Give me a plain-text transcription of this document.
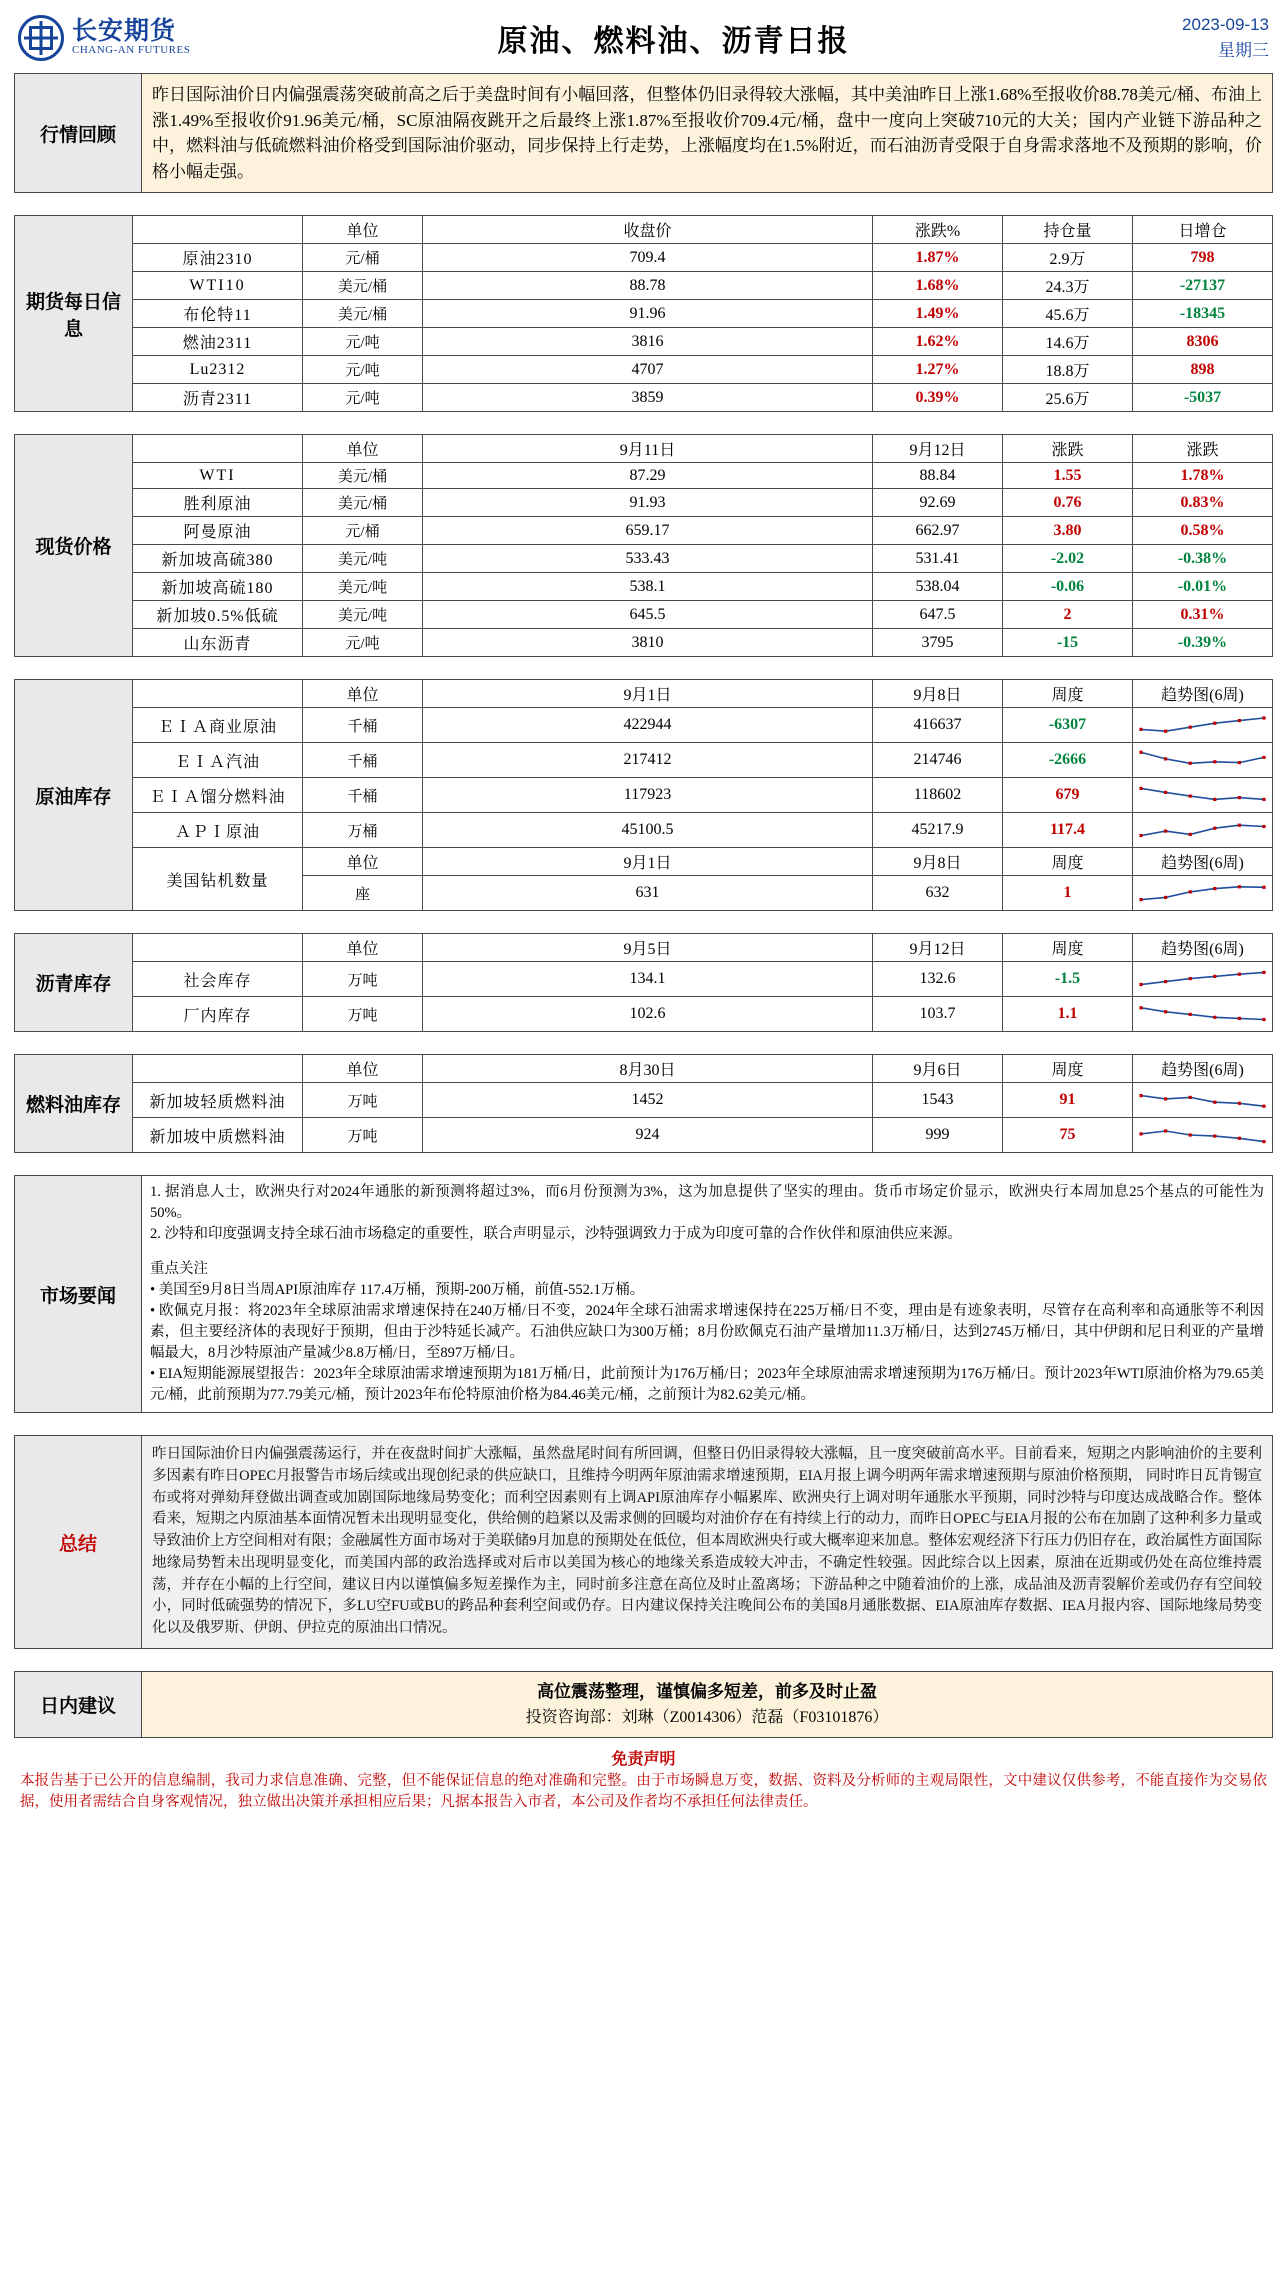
长安期货
CHANG-AN FUTURES	原油、燃料油、沥青日报	2023-09-13
星期三
行情回顾	昨日国际油价日内偏强震荡突破前高之后于美盘时间有小幅回落，但整体仍旧录得较大涨幅，其中美油昨日上涨1.68%至报收价88.78美元/桶、布油上涨1.49%至报收价91.96美元/桶，SC原油隔夜跳开之后最终上涨1.87%至报收价709.4元/桶，盘中一度向上突破710元的大关；国内产业链下游品种之中，燃料油与低硫燃料油价格受到国际油价驱动，同步保持上行走势，上涨幅度均在1.5%附近，而石油沥青受限于自身需求落地不及预期的影响，价格小幅走强。
期货每日信息		单位	收盘价	涨跌%	持仓量	日增仓
	原油2310	元/桶	709.4	1.87%	2.9万	798
	WTI10	美元/桶	88.78	1.68%	24.3万	-27137
	布伦特11	美元/桶	91.96	1.49%	45.6万	-18345
	燃油2311	元/吨	3816	1.62%	14.6万	8306
	Lu2312	元/吨	4707	1.27%	18.8万	898
	沥青2311	元/吨	3859	0.39%	25.6万	-5037
现货价格		单位	9月11日	9月12日	涨跌	涨跌
	WTI	美元/桶	87.29	88.84	1.55	1.78%
	胜利原油	美元/桶	91.93	92.69	0.76	0.83%
	阿曼原油	元/桶	659.17	662.97	3.80	0.58%
	新加坡高硫380	美元/吨	533.43	531.41	-2.02	-0.38%
	新加坡高硫180	美元/吨	538.1	538.04	-0.06	-0.01%
	新加坡0.5%低硫	美元/吨	645.5	647.5	2	0.31%
	山东沥青	元/吨	3810	3795	-15	-0.39%
原油库存		单位	9月1日	9月8日	周度	趋势图(6周)
	ＥＩＡ商业原油	千桶	422944	416637	-6307	

	ＥＩＡ汽油	千桶	217412	214746	-2666	

	ＥＩＡ馏分燃料油	千桶	117923	118602	679	

	ＡＰＩ原油	万桶	45100.5	45217.9	117.4	

	美国钻机数量	单位	9月1日	9月8日	周度	趋势图(6周)
		座	631	632	1	
沥青库存		单位	9月5日	9月12日	周度	趋势图(6周)
	社会库存	万吨	134.1	132.6	-1.5	

	厂内库存	万吨	102.6	103.7	1.1	
燃料油库存		单位	8月30日	9月6日	周度	趋势图(6周)
	新加坡轻质燃料油	万吨	1452	1543	91	

	新加坡中质燃料油	万吨	924	999	75	
市场要闻	
1. 据消息人士，欧洲央行对2024年通胀的新预测将超过3%，而6月份预测为3%，这为加息提供了坚实的理由。货币市场定价显示，欧洲央行本周加息25个基点的可能性为50%。
2. 沙特和印度强调支持全球石油市场稳定的重要性，联合声明显示，沙特强调致力于成为印度可靠的合作伙伴和原油供应来源。
重点关注
• 美国至9月8日当周API原油库存 117.4万桶，预期-200万桶，前值-552.1万桶。
• 欧佩克月报：将2023年全球原油需求增速保持在240万桶/日不变，2024年全球石油需求增速保持在225万桶/日不变，理由是有迹象表明，尽管存在高利率和高通胀等不利因素，但主要经济体的表现好于预期，但由于沙特延长减产。石油供应缺口为300万桶；8月份欧佩克石油产量增加11.3万桶/日，达到2745万桶/日，其中伊朗和尼日利亚的产量增幅最大，8月沙特原油产量减少8.8万桶/日，至897万桶/日。
• EIA短期能源展望报告：2023年全球原油需求增速预期为181万桶/日，此前预计为176万桶/日；2023年全球原油需求增速预期为176万桶/日。预计2023年WTI原油价格为79.65美元/桶，此前预期为77.79美元/桶，预计2023年布伦特原油价格为84.46美元/桶，之前预计为82.62美元/桶。
总结	昨日国际油价日内偏强震荡运行，并在夜盘时间扩大涨幅，虽然盘尾时间有所回调，但整日仍旧录得较大涨幅，且一度突破前高水平。目前看来，短期之内影响油价的主要利多因素有昨日OPEC月报警告市场后续或出现创纪录的供应缺口，且维持今明两年原油需求增速预期，EIA月报上调今明两年需求增速预期与原油价格预期， 同时昨日瓦肯锡宣布或将对弹劾拜登做出调查或加剧国际地缘局势变化；而利空因素则有上调API原油库存小幅累库、欧洲央行上调对明年通胀水平预期，同时沙特与印度达成战略合作。整体看来，短期之内原油基本面情况暂未出现明显变化，供给侧的趋紧以及需求侧的回暖均对油价存在有持续上行的动力，而昨日OPEC与EIA月报的公布在加剧了这种利多力量或导致油价上方空间相对有限；金融属性方面市场对于美联储9月加息的预期处在低位，但本周欧洲央行或大概率迎来加息。整体宏观经济下行压力仍旧存在，政治属性方面国际地缘局势暂未出现明显变化，而美国内部的政治选择或对后市以美国为核心的地缘关系造成较大冲击，不确定性较强。因此综合以上因素，原油在近期或仍处在高位维持震荡，并存在小幅的上行空间，建议日内以谨慎偏多短差操作为主，同时前多注意在高位及时止盈离场；下游品种之中随着油价的上涨，成品油及沥青裂解价差或仍存有空间较小，同时低硫强势的情况下，多LU空FU或BU的跨品种套利空间或仍存。日内建议保持关注晚间公布的美国8月通胀数据、EIA原油库存数据、IEA月报内容、国际地缘局势变化以及俄罗斯、伊朗、伊拉克的原油出口情况。
日内建议	
高位震荡整理，谨慎偏多短差，前多及时止盈
投资咨询部：刘琳（Z0014306）范磊（F03101876）
免责声明
本报告基于已公开的信息编制，我司力求信息准确、完整，但不能保证信息的绝对准确和完整。由于市场瞬息万变，数据、资料及分析师的主观局限性，文中建议仅供参考，不能直接作为交易依据，使用者需结合自身客观情况，独立做出决策并承担相应后果；凡据本报告入市者，本公司及作者均不承担任何法律责任。
